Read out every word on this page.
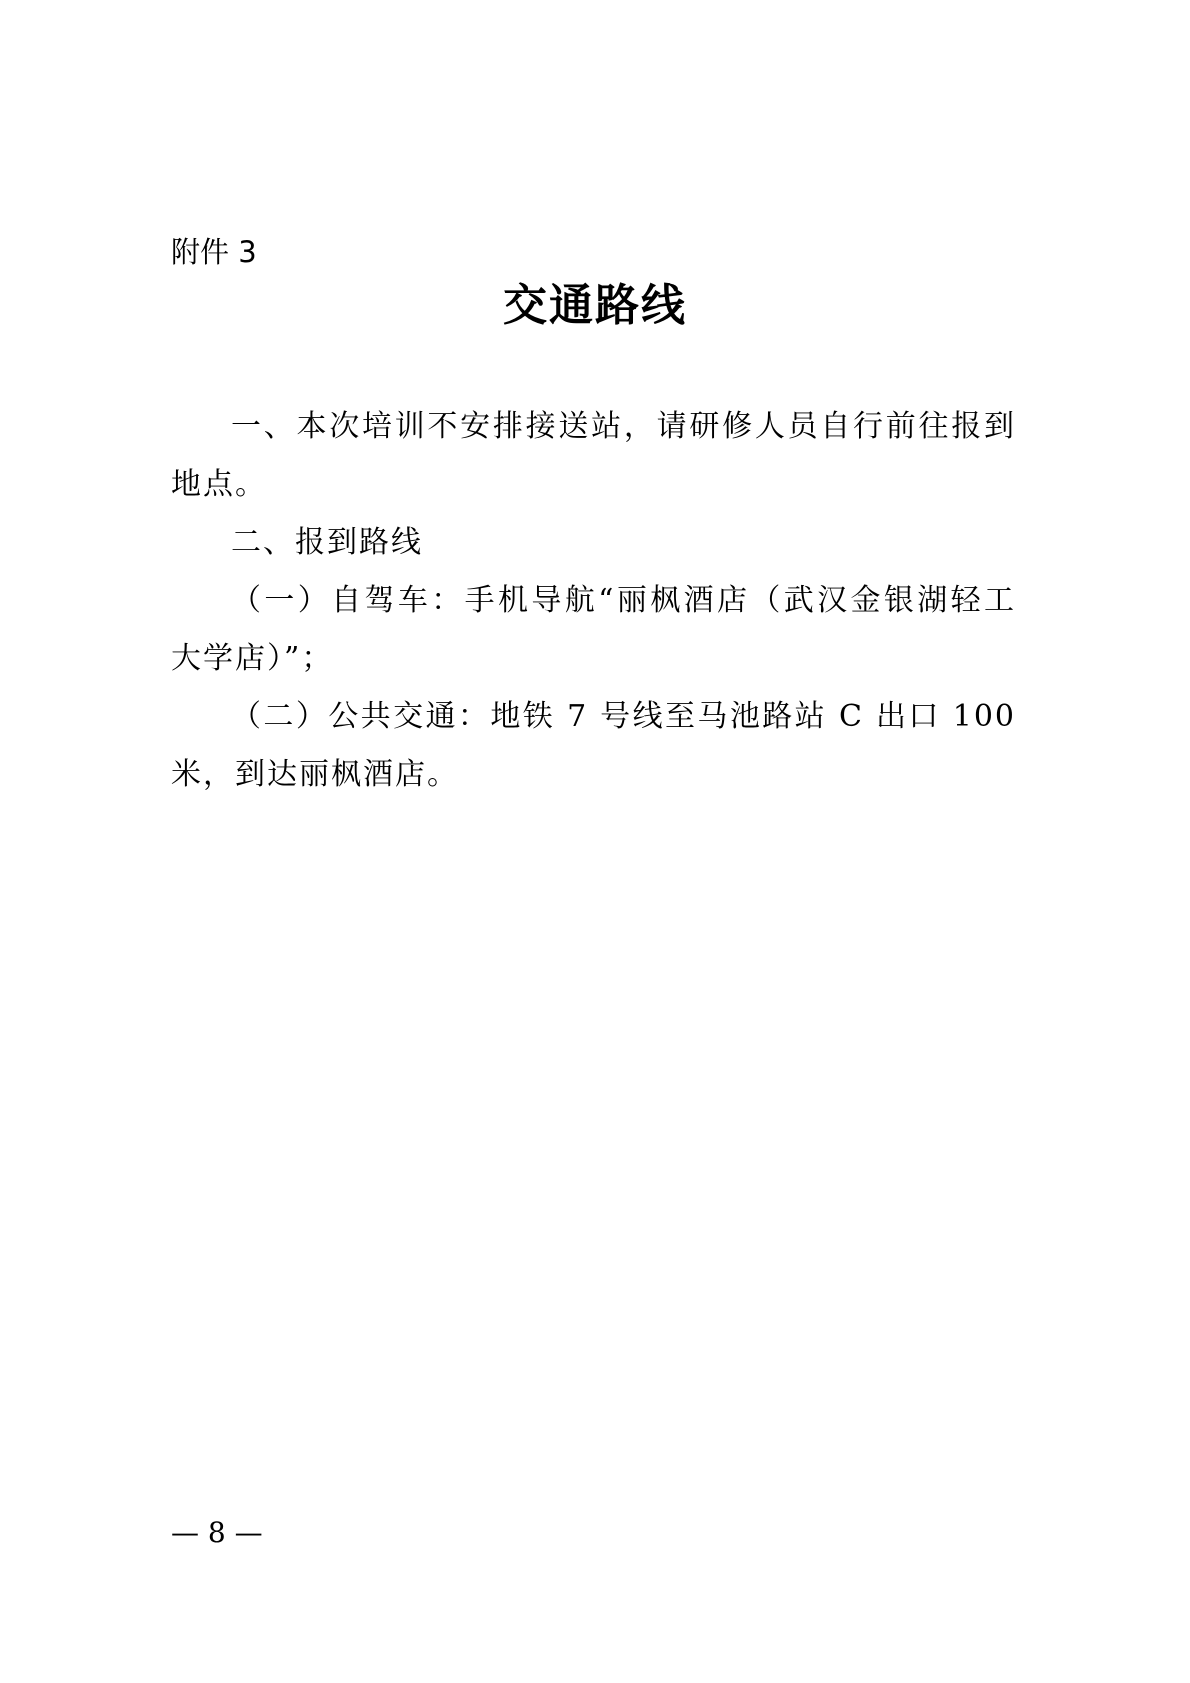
附件 3
交通路线

一、本次培训不安排接送站，请研修人员自行前往报到地点。

二、报到路线

（一）自驾车：手机导航“丽枫酒店（武汉金银湖轻工大学店）”；

（二）公共交通：地铁 7 号线至马池路站 C 出口 100 米，到达丽枫酒店。

— 8 —
